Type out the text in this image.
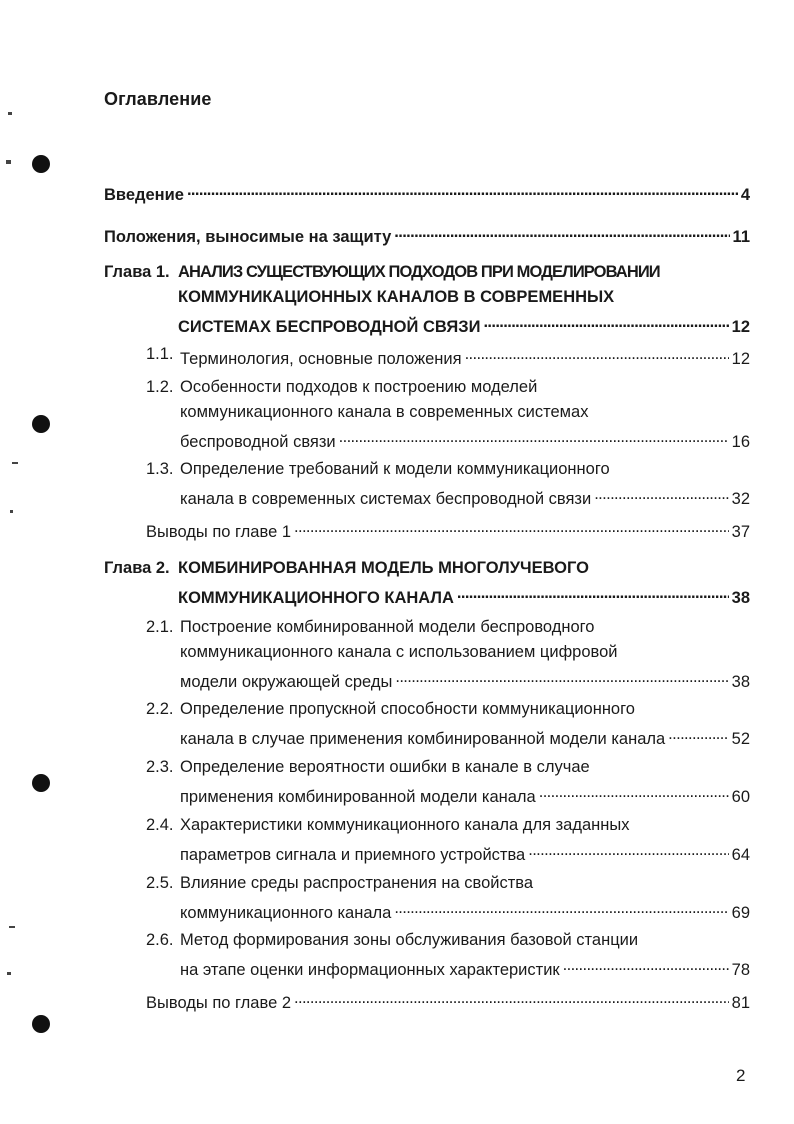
Оглавление
Введение . . .	4
Положения, выносимые на защиту . . .	11
Глава 1. АНАЛИЗ СУЩЕСТВУЮЩИХ ПОДХОДОВ ПРИ МОДЕЛИРОВАНИИ
КОММУНИКАЦИОННЫХ КАНАЛОВ В СОВРЕМЕННЫХ
СИСТЕМАХ БЕСПРОВОДНОЙ СВЯЗИ . . .	12
1.1. Терминология, основные положения . . .	12
1.2. Особенности подходов к построению моделей
коммуникационного канала в современных системах
беспроводной связи . . .	16
1.3. Определение требований к модели коммуникационного
канала в современных системах беспроводной связи . . .	32
Выводы по главе 1 . . .	37
Глава 2. КОМБИНИРОВАННАЯ МОДЕЛЬ МНОГОЛУЧЕВОГО
КОММУНИКАЦИОННОГО КАНАЛА . . .	38
2.1. Построение комбинированной модели беспроводного
коммуникационного канала с использованием цифровой
модели окружающей среды . . .	38
2.2. Определение пропускной способности коммуникационного
канала в случае применения комбинированной модели канала . . .	52
2.3. Определение вероятности ошибки в канале в случае
применения комбинированной модели канала . . .	60
2.4. Характеристики коммуникационного канала для заданных
параметров сигнала и приемного устройства . . .	64
2.5. Влияние среды распространения на свойства
коммуникационного канала . . .	69
2.6. Метод формирования зоны обслуживания базовой станции
на этапе оценки информационных характеристик . . .	78
Выводы по главе 2 . . .	81
2
